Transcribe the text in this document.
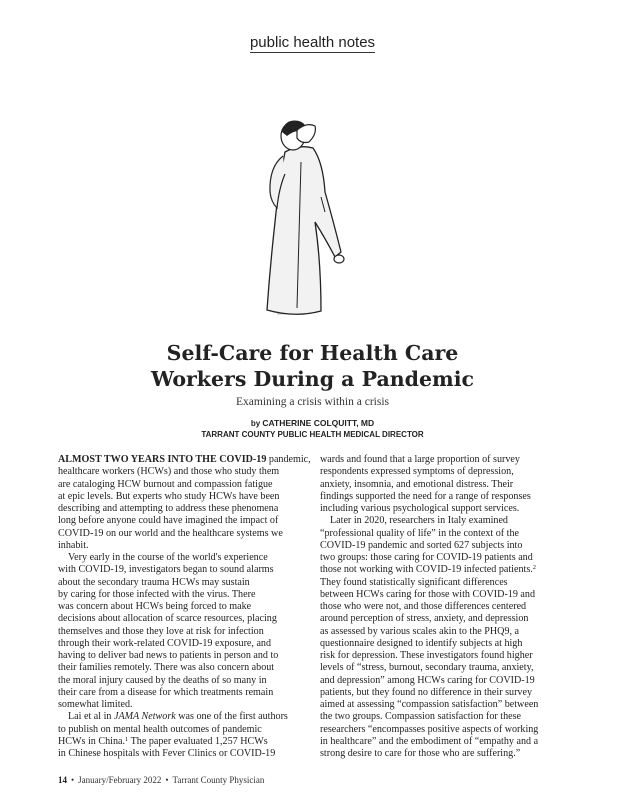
public health notes
Self-Care for Health Care
Workers During a Pandemic
Examining a crisis within a crisis
by CATHERINE COLQUITT, MD
TARRANT COUNTY PUBLIC HEALTH MEDICAL DIRECTOR

ALMOST TWO YEARS INTO THE COVID-19 pandemic,
healthcare workers (HCWs) and those who study them
are cataloging HCW burnout and compassion fatigue
at epic levels. But experts who study HCWs have been
describing and attempting to address these phenomena
long before anyone could have imagined the impact of
COVID-19 on our world and the healthcare systems we
inhabit.

Very early in the course of the world's experience
with COVID-19, investigators began to sound alarms
about the secondary trauma HCWs may sustain
by caring for those infected with the virus. There
was concern about HCWs being forced to make
decisions about allocation of scarce resources, placing
themselves and those they love at risk for infection
through their work-related COVID-19 exposure, and
having to deliver bad news to patients in person and to
their families remotely. There was also concern about
the moral injury caused by the deaths of so many in
their care from a disease for which treatments remain
somewhat limited.

Lai et al in JAMA Network was one of the first authors
to publish on mental health outcomes of pandemic
HCWs in China.$^1$ The paper evaluated 1,257 HCWs
in Chinese hospitals with Fever Clinics or COVID-19

wards and found that a large proportion of survey
respondents expressed symptoms of depression,
anxiety, insomnia, and emotional distress. Their
findings supported the need for a range of responses
including various psychological support services.

Later in 2020, researchers in Italy examined
“professional quality of life” in the context of the
COVID-19 pandemic and sorted 627 subjects into
two groups: those caring for COVID-19 patients and
those not working with COVID-19 infected patients.$^2$
They found statistically significant differences
between HCWs caring for those with COVID-19 and
those who were not, and those differences centered
around perception of stress, anxiety, and depression
as assessed by various scales akin to the PHQ9, a
questionnaire designed to identify subjects at high
risk for depression. These investigators found higher
levels of “stress, burnout, secondary trauma, anxiety,
and depression” among HCWs caring for COVID-19
patients, but they found no difference in their survey
aimed at assessing “compassion satisfaction” between
the two groups. Compassion satisfaction for these
researchers “encompasses positive aspects of working
in healthcare” and the embodiment of “empathy and a
strong desire to care for those who are suffering.”

14 • January/February 2022 • Tarrant County Physician
